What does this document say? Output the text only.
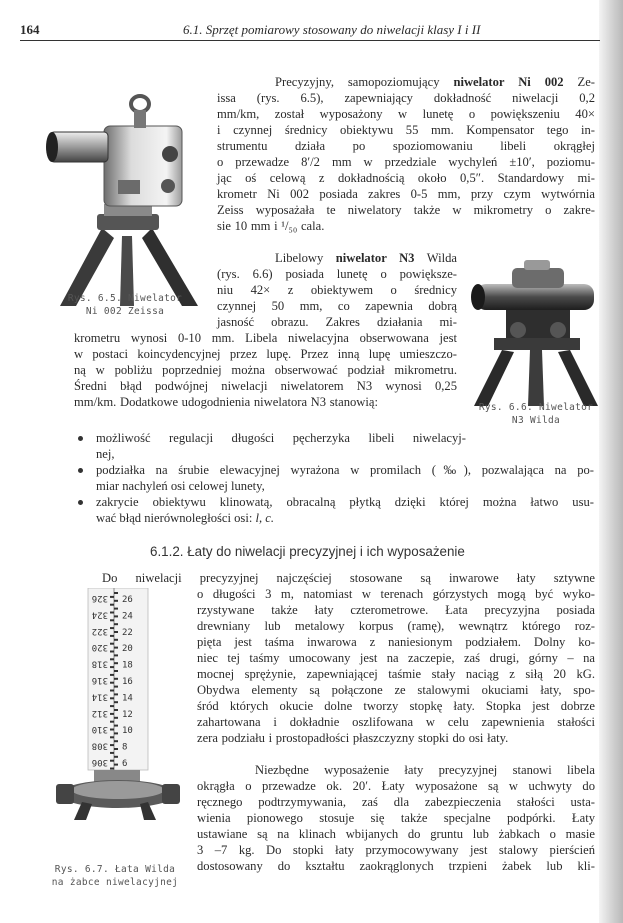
164	6.1. Sprzęt pomiarowy stosowany do niwelacji klasy I i II
Rys. 6.5. Niwelator
Ni 002 Zeissa
Precyzyjny, samopoziomujący niwelator Ni 002 Ze-
issa (rys. 6.5), zapewniający dokładność niwelacji 0,2
mm/km, został wyposażony w lunetę o powiększeniu 40×
i czynnej średnicy obiektywu 55 mm. Kompensator tego in-
strumentu działa po spoziomowaniu libeli okrągłej
o przewadze 8′/2 mm w przedziale wychyleń ±10′, poziomu-
jąc oś celową z dokładnością około 0,5″. Standardowy mi-
krometr Ni 002 posiada zakres 0-5 mm, przy czym wytwórnia
Zeiss wyposażała te niwelatory także w mikrometry o zakre-
sie 10 mm i ¹/₅₀ cala.
Libelowy niwelator N3 Wilda
(rys. 6.6) posiada lunetę o powiększe-
niu 42× z obiektywem o średnicy
czynnej 50 mm, co zapewnia dobrą
jasność obrazu. Zakres działania mi-
krometru wynosi 0-10 mm. Libela niwelacyjna obserwowana jest
w postaci koincydencyjnej przez lupę. Przez inną lupę umieszczo-
ną w pobliżu poprzedniej można obserwować podział mikrometru.
Średni błąd podwójnej niwelacji niwelatorem N3 wynosi 0,25
mm/km. Dodatkowe udogodnienia niwelatora N3 stanowią:	Rys. 6.6. Niwelator
N3 Wilda
możliwość regulacji długości pęcherzyka libeli niwelacyj-
nej,
podziałka na śrubie elewacyjnej wyrażona w promilach (‰), pozwalająca na po-
miar nachyleń osi celowej lunety,
zakrycie obiektywu klinowatą, obracalną płytką dzięki której można łatwo usu-
wać błąd nierównoległości osi: l, c.
6.1.2. Łaty do niwelacji precyzyjnej i ich wyposażenie
Do niwelacji precyzyjnej najczęściej stosowane są inwarowe łaty sztywne
o długości 3 m, natomiast w terenach górzystych mogą być wyko-
rzystywane także łaty czterometrowe. Łata precyzyjna posiada
drewniany lub metalowy korpus (ramę), wewnątrz którego roz-
pięta jest taśma inwarowa z naniesionym podziałem. Dolny ko-
niec tej taśmy umocowany jest na zaczepie, zaś drugi, górny – na
mocnej sprężynie, zapewniającej taśmie stały naciąg z siłą 20 kG.
Obydwa elementy są połączone ze stalowymi okuciami łaty, spo-
śród których okucie dolne tworzy stopkę łaty. Stopka jest dobrze
zahartowana i dokładnie oszlifowana w celu zapewnienia stałości
zera podziału i prostopadłości płaszczyzny stopki do osi łaty.
Niezbędne wyposażenie łaty precyzyjnej stanowi libela
okrągła o przewadze ok. 20′. Łaty wyposażone są w uchwyty do
ręcznego podtrzymywania, zaś dla zabezpieczenia stałości usta-
wienia pionowego stosuje się także specjalne podpórki. Łaty
ustawiane są na klinach wbijanych do gruntu lub żabkach o masie
3 –7 kg. Do stopki łaty przymocowywany jest stalowy pierścień
dostosowany do kształtu zaokrąglonych trzpieni żabek lub kli-
326
324
322
320
318
316
314
312
310
308
306
26
24
22
20
18
16
14
12
10
8
6
Rys. 6.7. Łata Wilda
na żabce niwelacyjnej
